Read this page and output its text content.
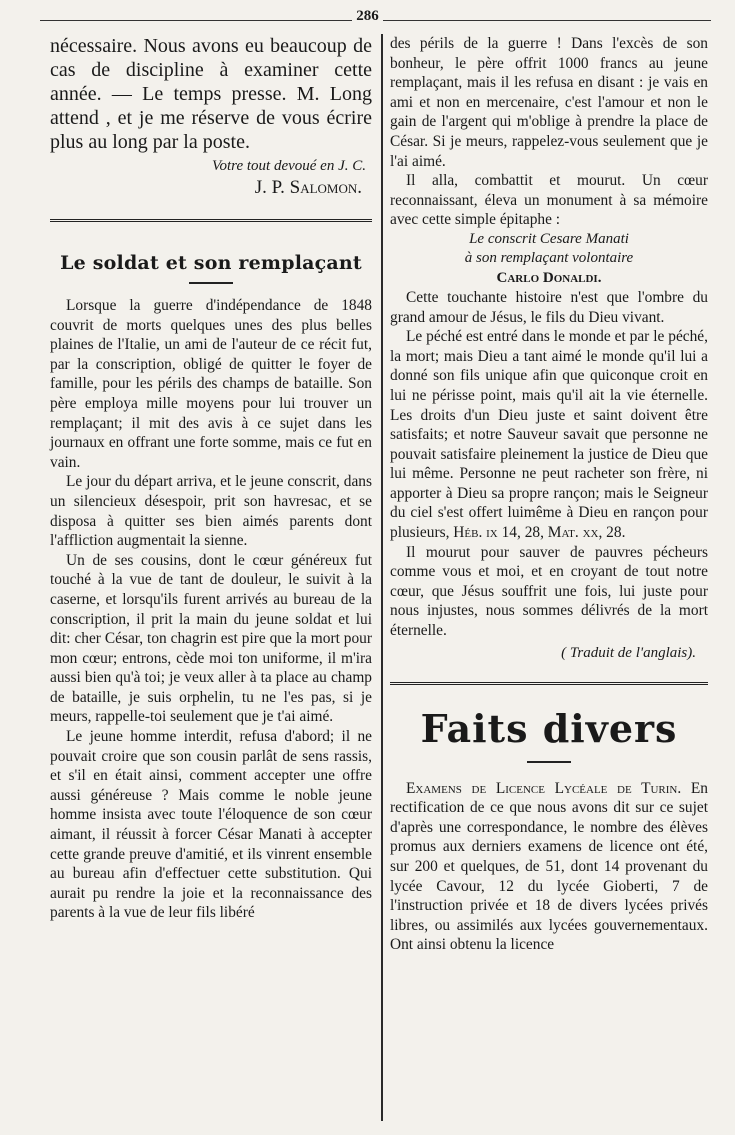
286

nécessaire. Nous avons eu beaucoup de cas de discipline à examiner cette année. — Le temps presse. M. Long attend , et je me réserve de vous écrire plus au long par la poste.

Votre tout devoué en J. C.
J. P. Salomon.
Le soldat et son remplaçant

Lorsque la guerre d'indépendance de 1848 couvrit de morts quelques unes des plus belles plaines de l'Italie, un ami de l'auteur de ce récit fut, par la conscription, obligé de quitter le foyer de famille, pour les périls des champs de bataille. Son père employa mille moyens pour lui trouver un remplaçant; il mit des avis à ce sujet dans les journaux en offrant une forte somme, mais ce fut en vain.

Le jour du départ arriva, et le jeune conscrit, dans un silencieux désespoir, prit son havresac, et se disposa à quitter ses bien aimés parents dont l'affliction augmentait la sienne.

Un de ses cousins, dont le cœur généreux fut touché à la vue de tant de douleur, le suivit à la caserne, et lorsqu'ils furent arrivés au bureau de la conscription, il prit la main du jeune soldat et lui dit: cher César, ton chagrin est pire que la mort pour mon cœur; entrons, cède moi ton uniforme, il m'ira aussi bien qu'à toi; je veux aller à ta place au champ de bataille, je suis orphelin, tu ne l'es pas, si je meurs, rappelle-toi seulement que je t'ai aimé.

Le jeune homme interdit, refusa d'abord; il ne pouvait croire que son cousin parlât de sens rassis, et s'il en était ainsi, comment accepter une offre aussi généreuse ? Mais comme le noble jeune homme insista avec toute l'éloquence de son cœur aimant, il réussit à forcer César Manati à accepter cette grande preuve d'amitié, et ils vinrent ensemble au bureau afin d'effectuer cette substitution. Qui aurait pu rendre la joie et la reconnaissance des parents à la vue de leur fils libéré

des périls de la guerre ! Dans l'excès de son bonheur, le père offrit 1000 francs au jeune remplaçant, mais il les refusa en disant : je vais en ami et non en mercenaire, c'est l'amour et non le gain de l'argent qui m'oblige à prendre la place de César. Si je meurs, rappelez-vous seulement que je l'ai aimé.

Il alla, combattit et mourut. Un cœur reconnaissant, éleva un monument à sa mémoire avec cette simple épitaphe :

Le conscrit Cesare Manati
à son remplaçant volontaire
Carlo Donaldi.

Cette touchante histoire n'est que l'ombre du grand amour de Jésus, le fils du Dieu vivant.

Le péché est entré dans le monde et par le péché, la mort; mais Dieu a tant aimé le monde qu'il lui a donné son fils unique afin que quiconque croit en lui ne périsse point, mais qu'il ait la vie éternelle. Les droits d'un Dieu juste et saint doivent être satisfaits; et notre Sauveur savait que personne ne pouvait satisfaire pleinement la justice de Dieu que lui même. Personne ne peut racheter son frère, ni apporter à Dieu sa propre rançon; mais le Seigneur du ciel s'est offert luimême à Dieu en rançon pour plusieurs, Héb. ix 14, 28, Mat. xx, 28.

Il mourut pour sauver de pauvres pécheurs comme vous et moi, et en croyant de tout notre cœur, que Jésus souffrit une fois, lui juste pour nous injustes, nous sommes délivrés de la mort éternelle.

( Traduit de l'anglais).
Faits divers

Examens de Licence Lycéale de Turin. En rectification de ce que nous avons dit sur ce sujet d'après une correspondance, le nombre des élèves promus aux derniers examens de licence ont été, sur 200 et quelques, de 51, dont 14 provenant du lycée Cavour, 12 du lycée Gioberti, 7 de l'instruction privée et 18 de divers lycées privés libres, ou assimilés aux lycées gouvernementaux. Ont ainsi obtenu la licence
